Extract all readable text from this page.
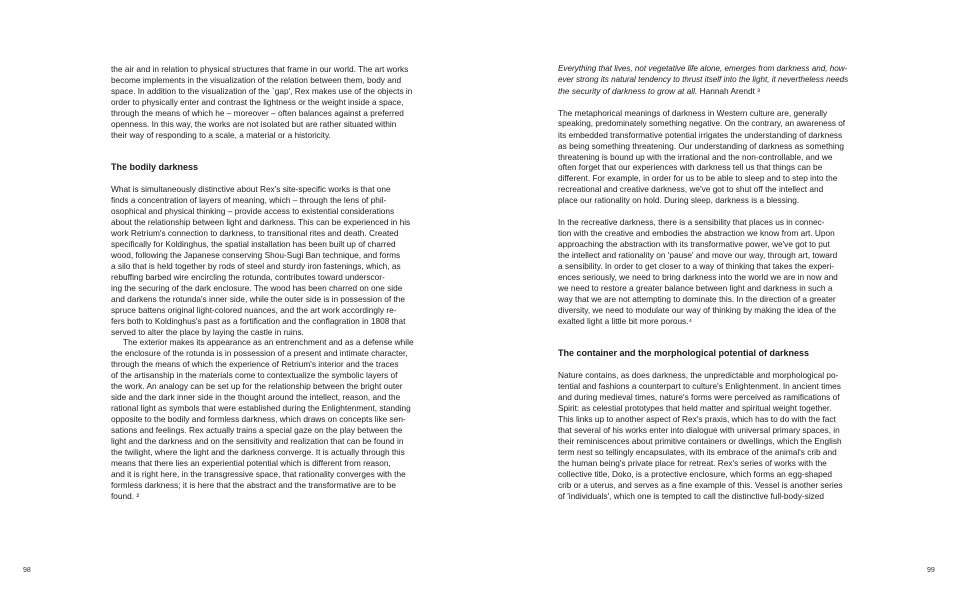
the air and in relation to physical structures that frame in our world. The art works
become implements in the visualization of the relation between them, body and
space. In addition to the visualization of the `gap', Rex makes use of the objects in
order to physically enter and contrast the lightness or the weight inside a space,
through the means of which he – moreover – often balances against a preferred
openness. In this way, the works are not isolated but are rather situated within
their way of responding to a scale, a material or a historicity.
The bodily darkness
What is simultaneously distinctive about Rex's site-specific works is that one
finds a concentration of layers of meaning, which – through the lens of phil-
osophical and physical thinking – provide access to existential considerations
about the relationship between light and darkness. This can be experienced in his
work Retrium's connection to darkness, to transitional rites and death. Created
specifically for Koldinghus, the spatial installation has been built up of charred
wood, following the Japanese conserving Shou-Sugi Ban technique, and forms
a silo that is held together by rods of steel and sturdy iron fastenings, which, as
rebuffing barbed wire encircling the rotunda, contributes toward underscor-
ing the securing of the dark enclosure. The wood has been charred on one side
and darkens the rotunda's inner side, while the outer side is in possession of the
spruce battens original light-colored nuances, and the art work accordingly re-
fers both to Koldinghus's past as a fortification and the conflagration in 1808 that
served to alter the place by laying the castle in ruins.
The exterior makes its appearance as an entrenchment and as a defense while
the enclosure of the rotunda is in possession of a present and intimate character,
through the means of which the experience of Retrium's interior and the traces
of the artisanship in the materials come to contextualize the symbolic layers of
the work. An analogy can be set up for the relationship between the bright outer
side and the dark inner side in the thought around the intellect, reason, and the
rational light as symbols that were established during the Enlightenment, standing
opposite to the bodily and formless darkness, which draws on concepts like sen-
sations and feelings. Rex actually trains a special gaze on the play between the
light and the darkness and on the sensitivity and realization that can be found in
the twilight, where the light and the darkness converge. It is actually through this
means that there lies an experiential potential which is different from reason,
and it is right here, in the transgressive space, that rationality converges with the
formless darkness; it is here that the abstract and the transformative are to be
found. ²
Everything that lives, not vegetative life alone, emerges from darkness and, how-
ever strong its natural tendency to thrust itself into the light, it nevertheless needs
the security of darkness to grow at all. Hannah Arendt ³
The metaphorical meanings of darkness in Western culture are, generally
speaking, predominately something negative. On the contrary, an awareness of
its embedded transformative potential irrigates the understanding of darkness
as being something threatening. Our understanding of darkness as something
threatening is bound up with the irrational and the non-controllable, and we
often forget that our experiences with darkness tell us that things can be
different. For example, in order for us to be able to sleep and to step into the
recreational and creative darkness, we've got to shut off the intellect and
place our rationality on hold. During sleep, darkness is a blessing.
In the recreative darkness, there is a sensibility that places us in connec-
tion with the creative and embodies the abstraction we know from art. Upon
approaching the abstraction with its transformative power, we've got to put
the intellect and rationality on 'pause' and move our way, through art, toward
a sensibility. In order to get closer to a way of thinking that takes the experi-
ences seriously, we need to bring darkness into the world we are in now and
we need to restore a greater balance between light and darkness in such a
way that we are not attempting to dominate this. In the direction of a greater
diversity, we need to modulate our way of thinking by making the idea of the
exalted light a little bit more porous.⁴
The container and the morphological potential of darkness
Nature contains, as does darkness, the unpredictable and morphological po-
tential and fashions a counterpart to culture's Enlightenment. In ancient times
and during medieval times, nature's forms were perceived as ramifications of
Spirit: as celestial prototypes that held matter and spiritual weight together.
This links up to another aspect of Rex's praxis, which has to do with the fact
that several of his works enter into dialogue with universal primary spaces, in
their reminiscences about primitive containers or dwellings, which the English
term nest so tellingly encapsulates, with its embrace of the animal's crib and
the human being's private place for retreat. Rex's series of works with the
collective title, Doko, is a protective enclosure, which forms an egg-shaped
crib or a uterus, and serves as a fine example of this. Vessel is another series
of 'individuals', which one is tempted to call the distinctive full-body-sized
98	99
